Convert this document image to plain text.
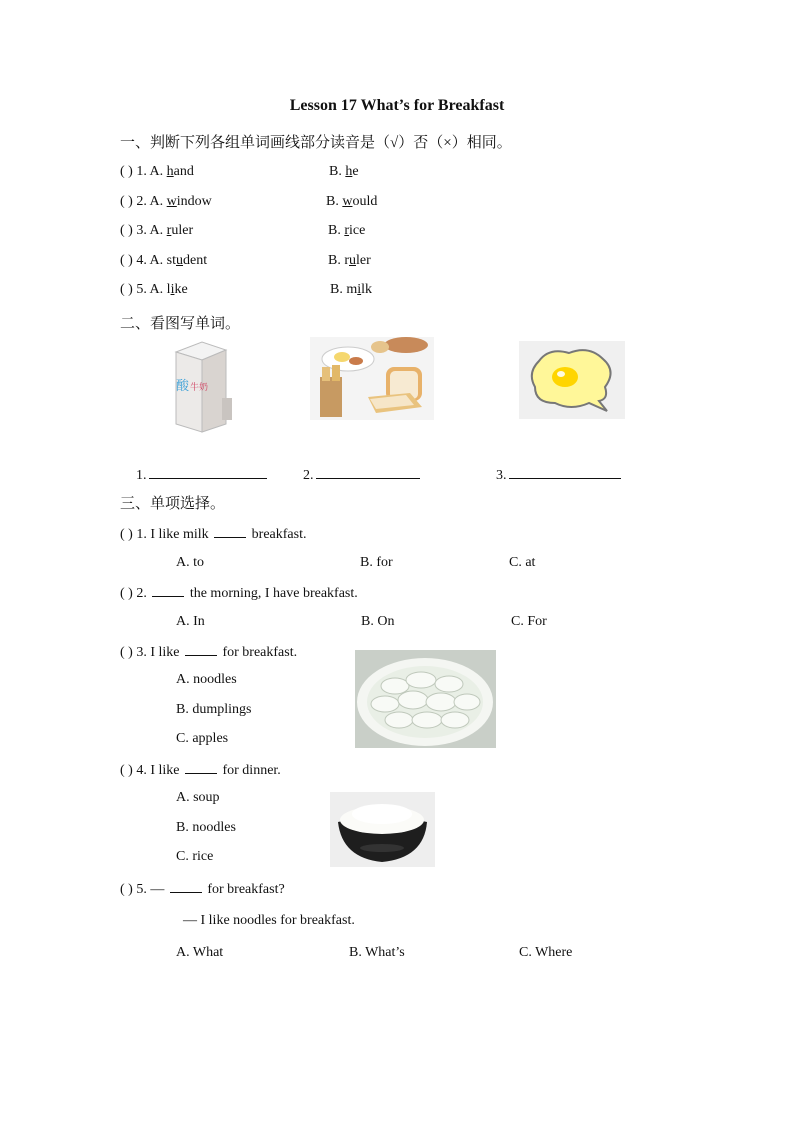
Lesson 17 What’s for Breakfast
一、判断下列各组单词画线部分读音是（√）否（×）相同。
( ) 1. A. hand	B. he
( ) 2. A. window	B. would
( ) 3. A. ruler	B. rice
( ) 4. A. student	B. ruler
( ) 5. A. like	B. milk
二、看图写单词。
酸 牛奶
1.	2.	3.
三、单项选择。
( ) 1. I like milk	breakfast.
A. to	B. for	C. at
( ) 2.	the morning, I have breakfast.
A. In	B. On	C. For
( ) 3. I like	for breakfast.
A. noodles
B. dumplings
C. apples
( ) 4. I like	for dinner.
A. soup
B. noodles
C. rice
( ) 5. —	for breakfast?
— I like noodles for breakfast.
A. What	B. What’s	C. Where
